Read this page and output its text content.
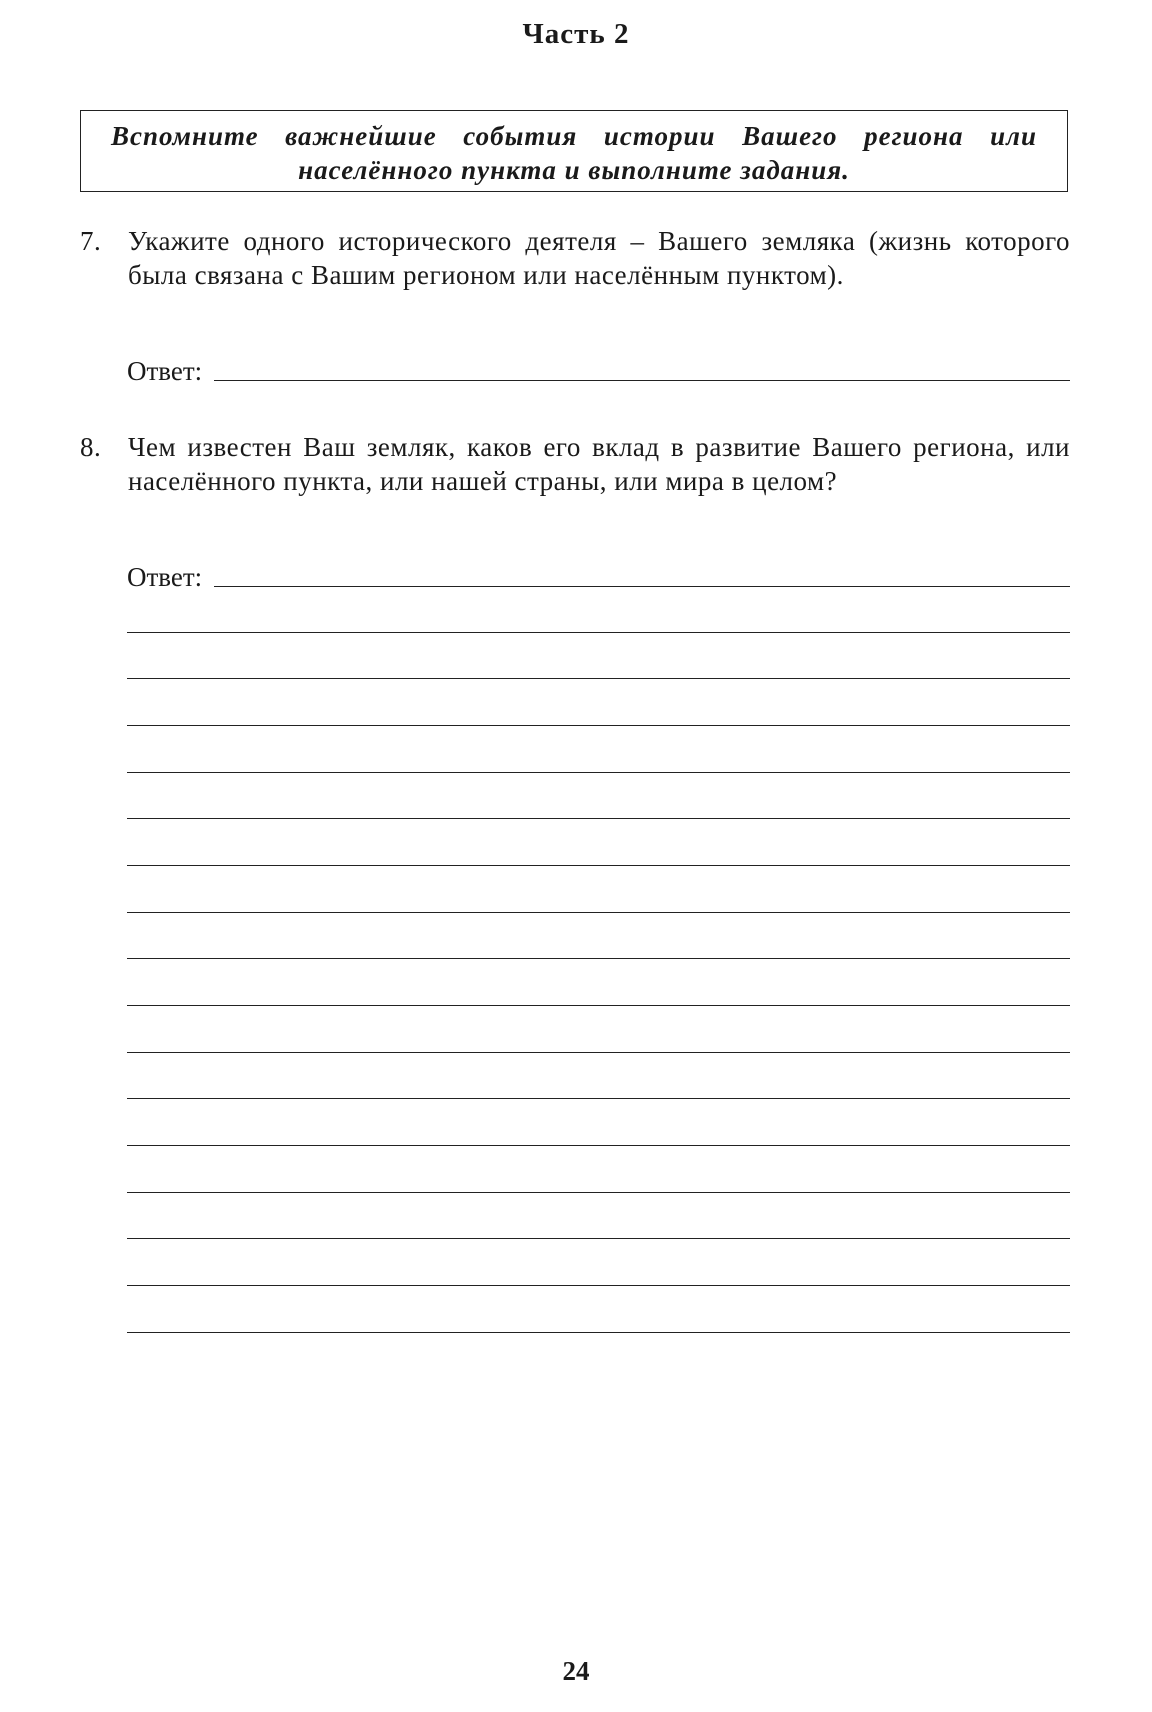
Часть 2
Вспомните важнейшие события истории Вашего региона или населённого пункта и выполните задания.
7. Укажите одного исторического деятеля – Вашего земляка (жизнь которого была связана с Вашим регионом или населённым пунктом).
Ответ:
8. Чем известен Ваш земляк, каков его вклад в развитие Вашего региона, или населённого пункта, или нашей страны, или мира в целом?
Ответ:
24
